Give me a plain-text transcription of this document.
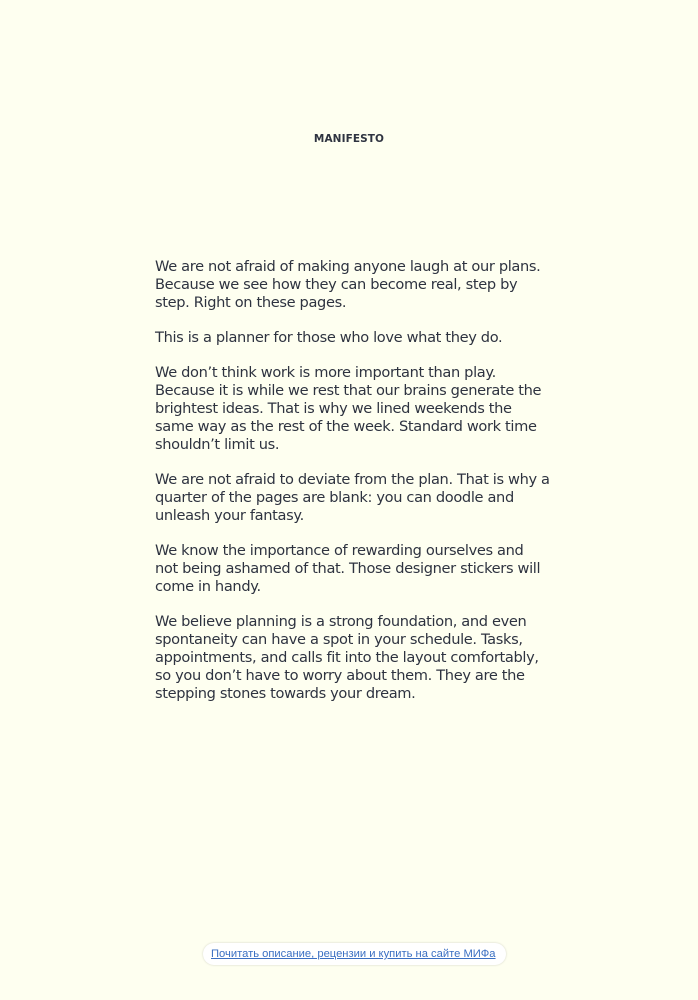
MANIFESTO

We are not afraid of making anyone laugh at our plans. Because we see how they can become real, step by step. Right on these pages.

This is a planner for those who love what they do.

We don’t think work is more important than play. Because it is while we rest that our brains generate the brightest ideas. That is why we lined weekends the same way as the rest of the week. Standard work time shouldn’t limit us.

We are not afraid to deviate from the plan. That is why a quarter of the pages are blank: you can doodle and unleash your fantasy.

We know the importance of rewarding ourselves and not being ashamed of that. Those designer stickers will come in handy.

We believe planning is a strong foundation, and even spontaneity can have a spot in your schedule. Tasks, appointments, and calls fit into the layout comfortably, so you don’t have to worry about them. They are the stepping stones towards your dream.

Почитать описание, рецензии и купить на сайте МИФа
